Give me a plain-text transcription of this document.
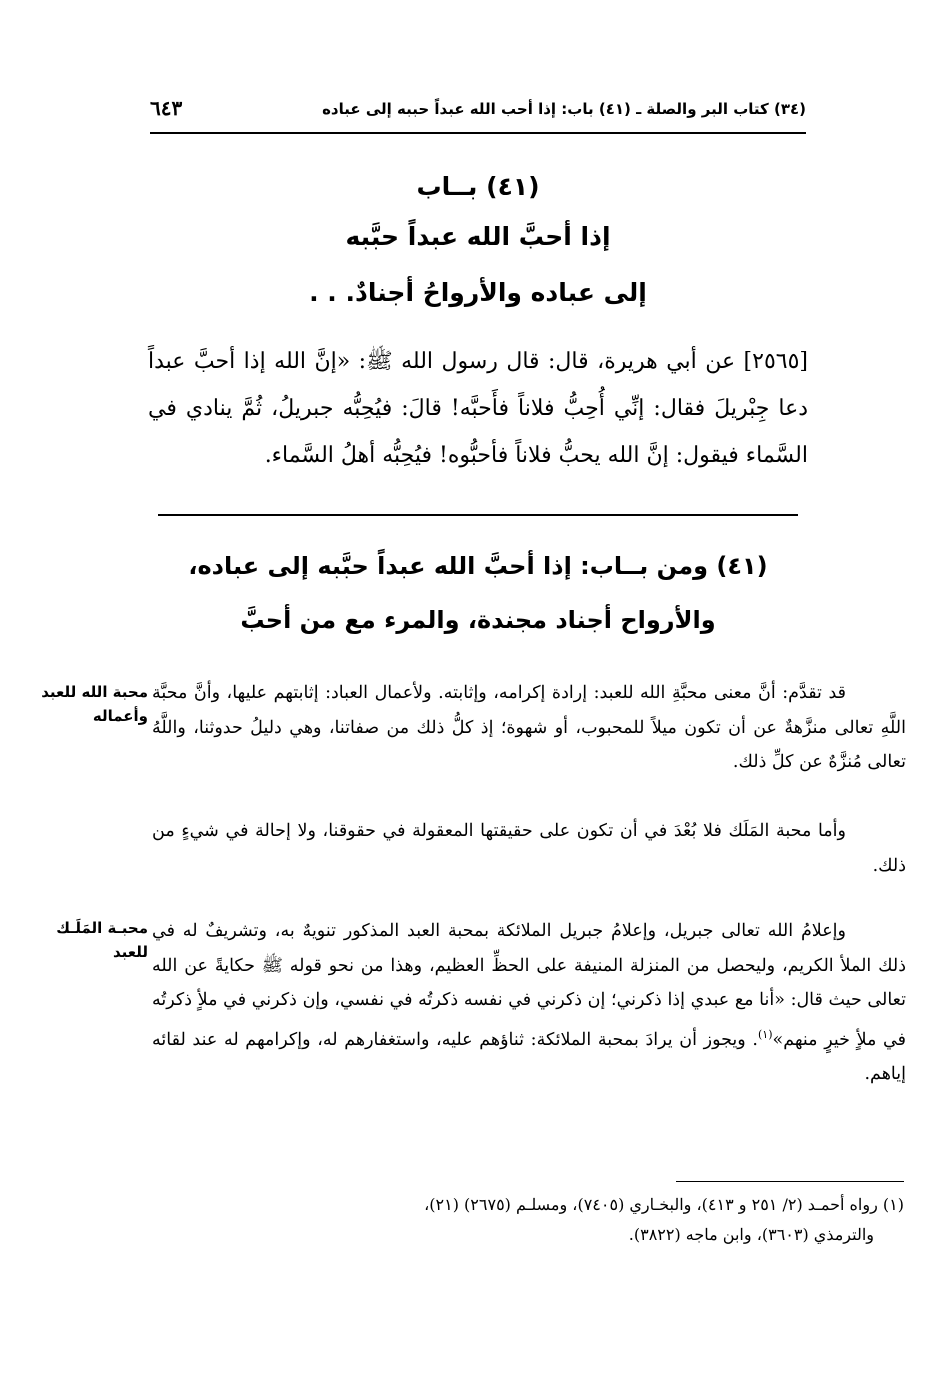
(٣٤) كتاب البر والصلة ـ (٤١) باب: إذا أحب الله عبداً حببه إلى عباده
٦٤٣
(٤١) بــاب
إذا أحبَّ الله عبداً حبَّبه
إلى عباده والأرواحُ أجنادٌ. . .
[٢٥٦٥] عن أبي هريرة، قال: قال رسول الله ﷺ: «إنَّ الله إذا أحبَّ عبداً دعا جِبْريلَ فقال: إنِّي أُحِبُّ فلاناً فأَحبَّه! قالَ: فيُحِبُّه جبريلُ، ثُمَّ ينادي في السَّماء فيقول: إنَّ الله يحبُّ فلاناً فأحبُّوه! فيُحِبُّه أهلُ السَّماء.
(٤١) ومن بــاب: إذا أحبَّ الله عبداً حبَّبه إلى عباده،
والأرواح أجناد مجندة، والمرء مع من أحبَّ
قد تقدَّم: أنَّ معنى محبَّةِ الله للعبد: إرادة إكرامه، وإثابته. ولأعمال العباد: إثابتهم عليها، وأنَّ محبَّة اللَّهِ تعالى منزَّهةٌ عن أن تكون ميلاً للمحبوب، أو شهوة؛ إذ كلُّ ذلك من صفاتنا، وهي دليلُ حدوثنا، واللَّهُ تعالى مُنزَّهٌ عن كلِّ ذلك.
محبة الله للعبد وأعماله
وأما محبة المَلَك فلا بُعْدَ في أن تكون على حقيقتها المعقولة في حقوقنا، ولا إحالة في شيءٍ من ذلك.
وإعلامُ الله تعالى جبريل، وإعلامُ جبريل الملائكة بمحبة العبد المذكور تنويهٌ به، وتشريفٌ له في ذلك الملأ الكريم، وليحصل من المنزلة المنيفة على الحظِّ العظيم، وهذا من نحو قوله ﷺ حكايةً عن الله تعالى حيث قال: «أنا مع عبدي إذا ذكرني؛ إن ذكرني في نفسه ذكرتُه في نفسي، وإن ذكرني في ملأٍ ذكرتُه في ملأٍ خيرٍ منهم»$^{(١)}$. ويجوز أن يرادَ بمحبة الملائكة: ثناؤهم عليه، واستغفارهم له، وإكرامهم له عند لقائه إياهم.
محبـة المَلَـك للعبد
(١) رواه أحمـد (٢/ ٢٥١ و ٤١٣)، والبخـاري (٧٤٠٥)، ومسلـم (٢٦٧٥) (٢١)،
والترمذي (٣٦٠٣)، وابن ماجه (٣٨٢٢).
